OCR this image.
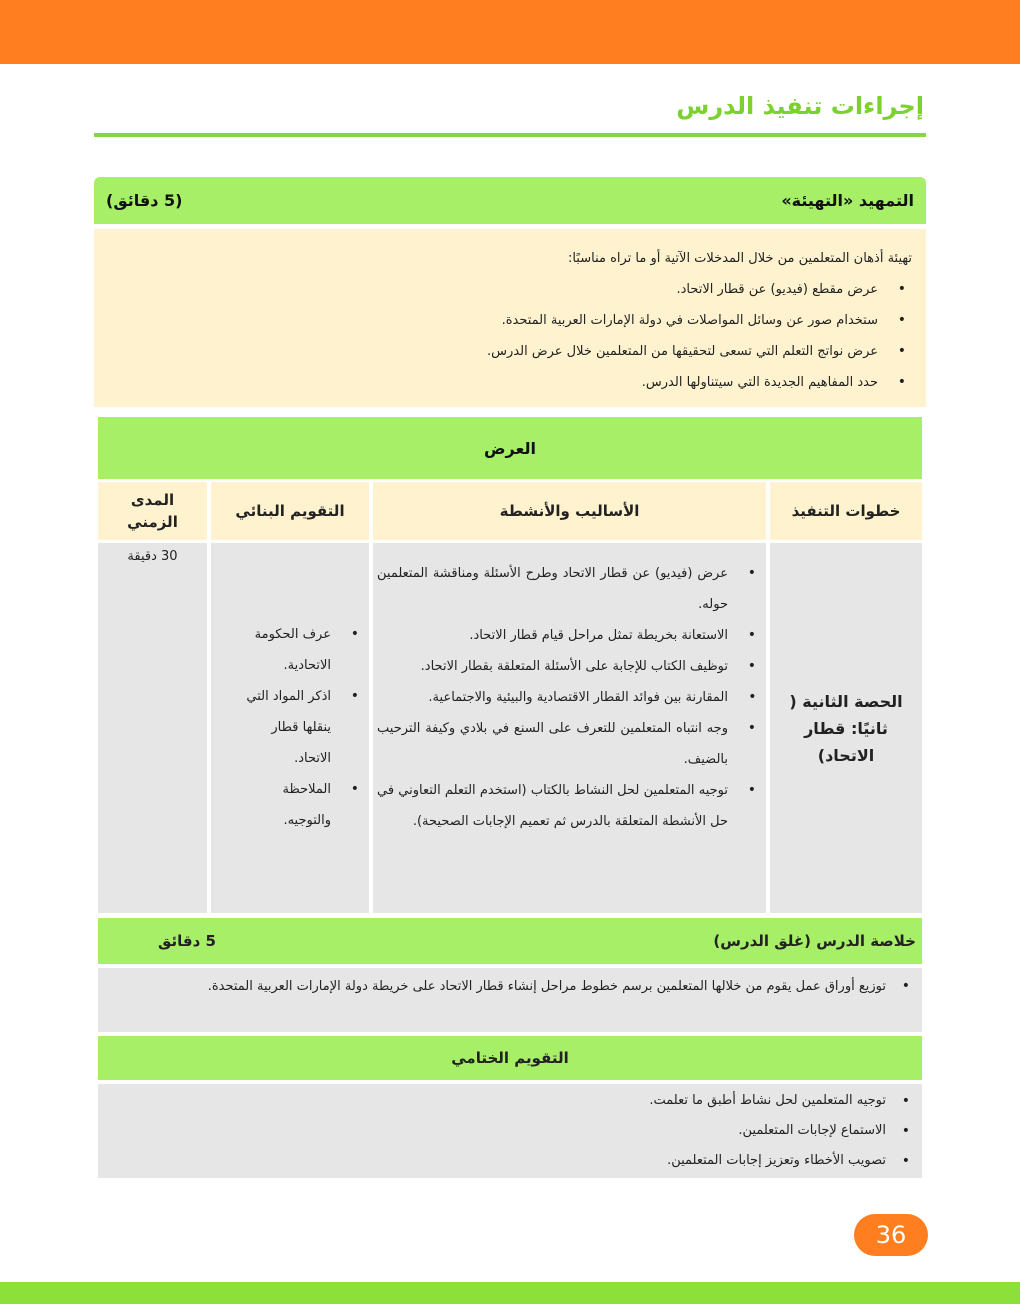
إجراءات تنفيذ الدرس
التمهيد «التهيئة»
(5 دقائق)

تهيئة أذهان المتعلمين من خلال المدخلات الآتية أو ما تراه مناسبًا:

• عرض مقطع (فيديو) عن قطار الاتحاد.
• ستخدام صور عن وسائل المواصلات في دولة الإمارات العربية المتحدة.
• عرض نواتج التعلم التي تسعى لتحقيقها من المتعلمين خلال عرض الدرس.
• حدد المفاهيم الجديدة التي سيتناولها الدرس.
العرض
خطوات التنفيذ
الأساليب والأنشطة
التقويم البنائي
المدى الزمني
الحصة الثانية ( ثانيًا: قطار الاتحاد)
• عرض (فيديو) عن قطار الاتحاد وطرح الأسئلة ومناقشة المتعلمين حوله.
• الاستعانة بخريطة تمثل مراحل قيام قطار الاتحاد.
• توظيف الكتاب للإجابة على الأسئلة المتعلقة بقطار الاتحاد.
• المقارنة بين فوائد القطار الاقتصادية والبيئية والاجتماعية.
• وجه انتباه المتعلمين للتعرف على السنع في بلادي وكيفة الترحيب بالضيف.
• توجيه المتعلمين لحل النشاط بالكتاب (استخدم التعلم التعاوني في حل الأنشطة المتعلقة بالدرس ثم تعميم الإجابات الصحيحة).
• عرف الحكومة الاتحادية.
• اذكر المواد التي ينقلها قطار الاتحاد.
• الملاحظة والتوجيه.
30 دقيقة
خلاصة الدرس (غلق الدرس)
5 دقائق
• توزيع أوراق عمل يقوم من خلالها المتعلمين برسم خطوط مراحل إنشاء قطار الاتحاد على خريطة دولة الإمارات العربية المتحدة.
التقويم الختامي
• توجيه المتعلمين لحل نشاط أطبق ما تعلمت.
• الاستماع لإجابات المتعلمين.
• تصويب الأخطاء وتعزيز إجابات المتعلمين.
36
